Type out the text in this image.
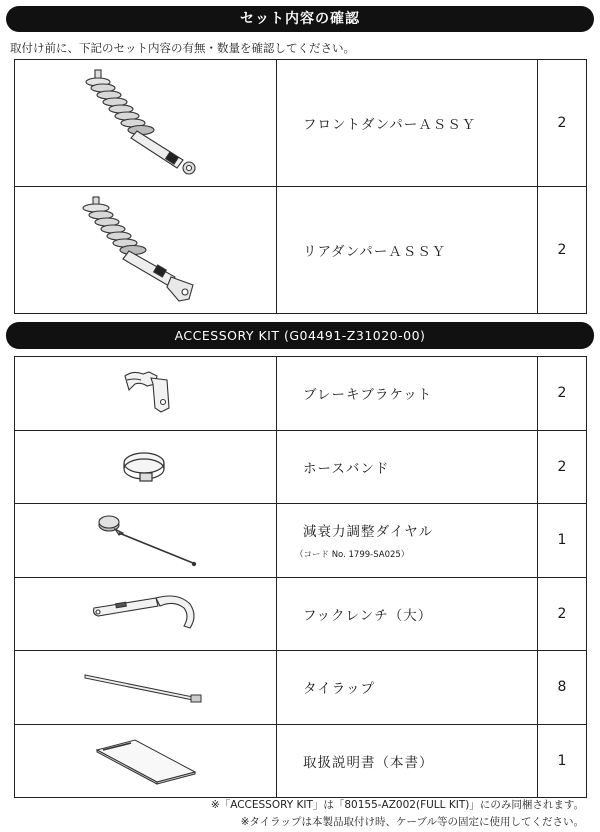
セット内容の確認
取付け前に、下記のセット内容の有無・数量を確認してください。
	フロントダンパーＡＳＳＹ	2

	リアダンパーＡＳＳＹ	2
ACCESSORY KIT (G04491-Z31020-00)
	ブレーキブラケット	2

	ホースバンド	2

	減衰力調整ダイヤル
（コード No. 1799-SA025）	1

	フックレンチ（大）	2

	タイラップ	8

	取扱説明書（本書）	1
※「ACCESSORY KIT」は「80155-AZ002(FULL KIT)」にのみ同梱されます。
※タイラップは本製品取付け時、ケーブル等の固定に使用してください。
